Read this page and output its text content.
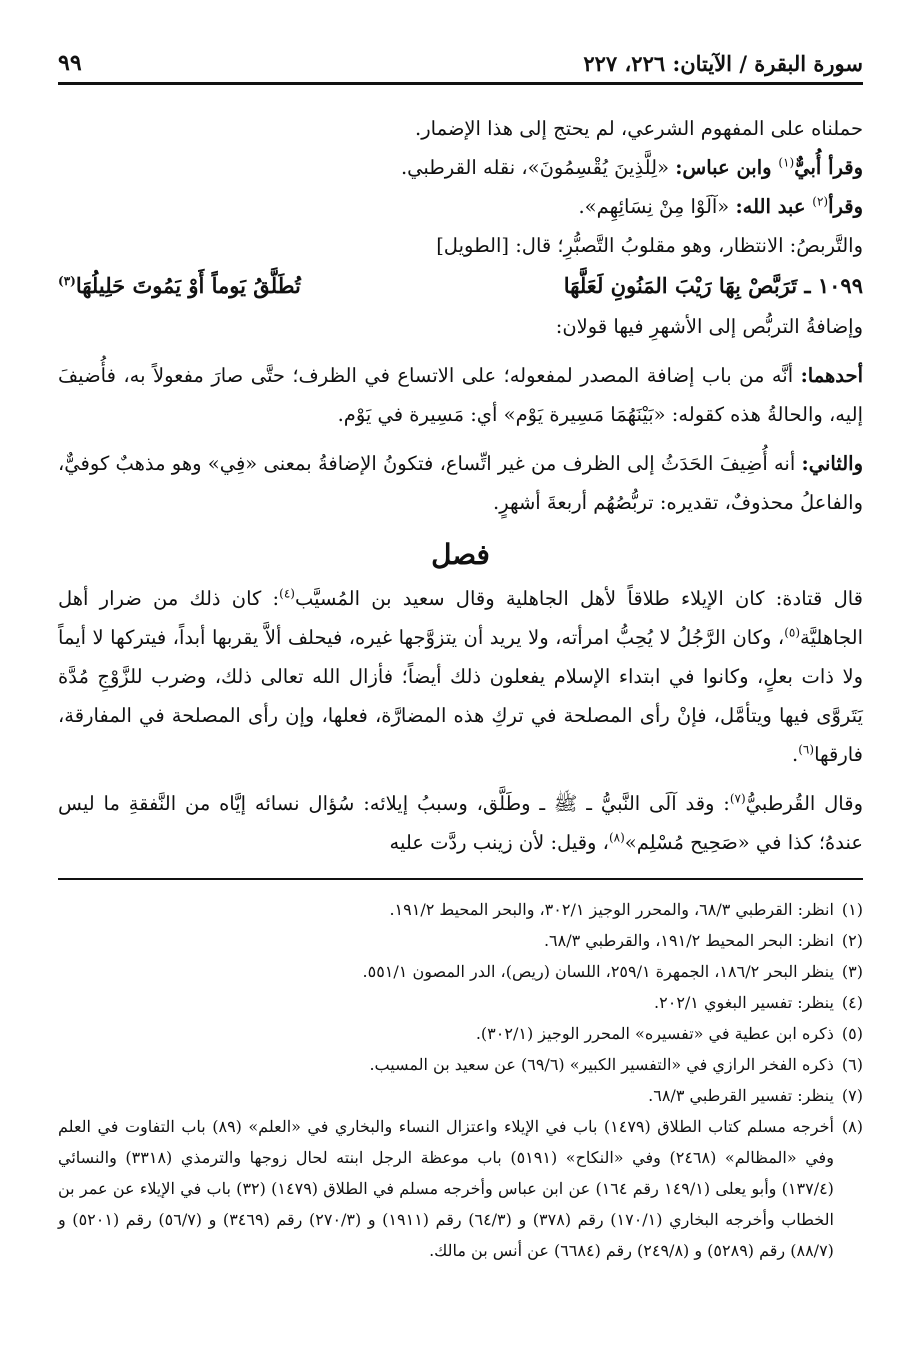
سورة البقرة / الآيتان: ٢٢٦، ٢٢٧
٩٩

حملناه على المفهوم الشرعي، لم يحتج إلى هذا الإضمار.

وقرأ أُبيٌّ$^{(١)}$ وابن عباس: «لِلَّذِينَ يُقْسِمُونَ»، نقله القرطبي.

وقرأ$^{(٢)}$ عبد الله: «آلَوْا مِنْ نِسَائِهِم».

والتَّربصُ: الانتظار، وهو مقلوبُ التَّصبُّرِ؛ قال: [الطويل]

١٠٩٩ ـ تَرَبَّصْ بِهَا رَيْبَ المَنُونِ لَعَلَّهَا
تُطَلَّقُ يَوماً أَوْ يَمُوتَ حَلِيلُهَا$^{(٣)}$

وإضافةُ التربُّص إلى الأشهرِ فيها قولان:

أحدهما: أنَّه من باب إضافة المصدر لمفعوله؛ على الاتساع في الظرف؛ حتَّى صارَ مفعولاً به، فأُضيفَ إليه، والحالةُ هذه كقوله: «بَيْنَهُمَا مَسِيرة يَوْم» أي: مَسِيرة في يَوْم.

والثاني: أنه أُضِيفَ الحَدَثُ إلى الظرف من غير اتِّساع، فتكونُ الإضافةُ بمعنى «فِي» وهو مذهبٌ كوفيٌّ، والفاعلُ محذوفٌ، تقديره: تربُّصُهُم أربعةَ أشهرٍ.

فصل

قال قتادة: كان الإيلاء طلاقاً لأهل الجاهلية وقال سعيد بن المُسيَّب$^{(٤)}$: كان ذلك من ضرار أهل الجاهليَّة$^{(٥)}$، وكان الرَّجُلُ لا يُحِبُّ امرأته، ولا يريد أن يتزوَّجها غيره، فيحلف ألاَّ يقربها أبداً، فيتركها لا أيماً ولا ذات بعلٍ، وكانوا في ابتداء الإسلام يفعلون ذلك أيضاً؛ فأزال الله تعالى ذلك، وضرب للزَّوْجِ مُدَّة يَتَروَّى فيها ويتأمَّل، فإنْ رأى المصلحة في تركِ هذه المضارَّة، فعلها، وإن رأى المصلحة في المفارقة، فارقها$^{(٦)}$.

وقال القُرطبيُّ$^{(٧)}$: وقد آلَى النَّبيُّ ـ ﷺ ـ وطَلَّق، وسببُ إيلائه: سُؤال نسائه إيَّاه من النَّفقةِ ما ليس عندهُ؛ كذا في «صَحِيح مُسْلِم»$^{(٨)}$، وقيل: لأن زينب ردَّت عليه

(١)
انظر: القرطبي ٦٨/٣، والمحرر الوجيز ٣٠٢/١، والبحر المحيط ١٩١/٢.
(٢)
انظر: البحر المحيط ١٩١/٢، والقرطبي ٦٨/٣.
(٣)
ينظر البحر ١٨٦/٢، الجمهرة ٢٥٩/١، اللسان (ريص)، الدر المصون ٥٥١/١.
(٤)
ينظر: تفسير البغوي ٢٠٢/١.
(٥)
ذكره ابن عطية في «تفسيره» المحرر الوجيز (٣٠٢/١).
(٦)
ذكره الفخر الرازي في «التفسير الكبير» (٦٩/٦) عن سعيد بن المسيب.
(٧)
ينظر: تفسير القرطبي ٦٨/٣.
(٨)
أخرجه مسلم كتاب الطلاق (١٤٧٩) باب في الإيلاء واعتزال النساء والبخاري في «العلم» (٨٩) باب التفاوت في العلم وفي «المظالم» (٢٤٦٨) وفي «النكاح» (٥١٩١) باب موعظة الرجل ابنته لحال زوجها والترمذي (٣٣١٨) والنسائي (١٣٧/٤) وأبو يعلى (١٤٩/١ رقم ١٦٤) عن ابن عباس وأخرجه مسلم في الطلاق (١٤٧٩) (٣٢) باب في الإيلاء عن عمر بن الخطاب وأخرجه البخاري (١٧٠/١) رقم (٣٧٨) و (٦٤/٣) رقم (١٩١١) و (٢٧٠/٣) رقم (٣٤٦٩) و (٥٦/٧) رقم (٥٢٠١) و (٨٨/٧) رقم (٥٢٨٩) و (٢٤٩/٨) رقم (٦٦٨٤) عن أنس بن مالك.
